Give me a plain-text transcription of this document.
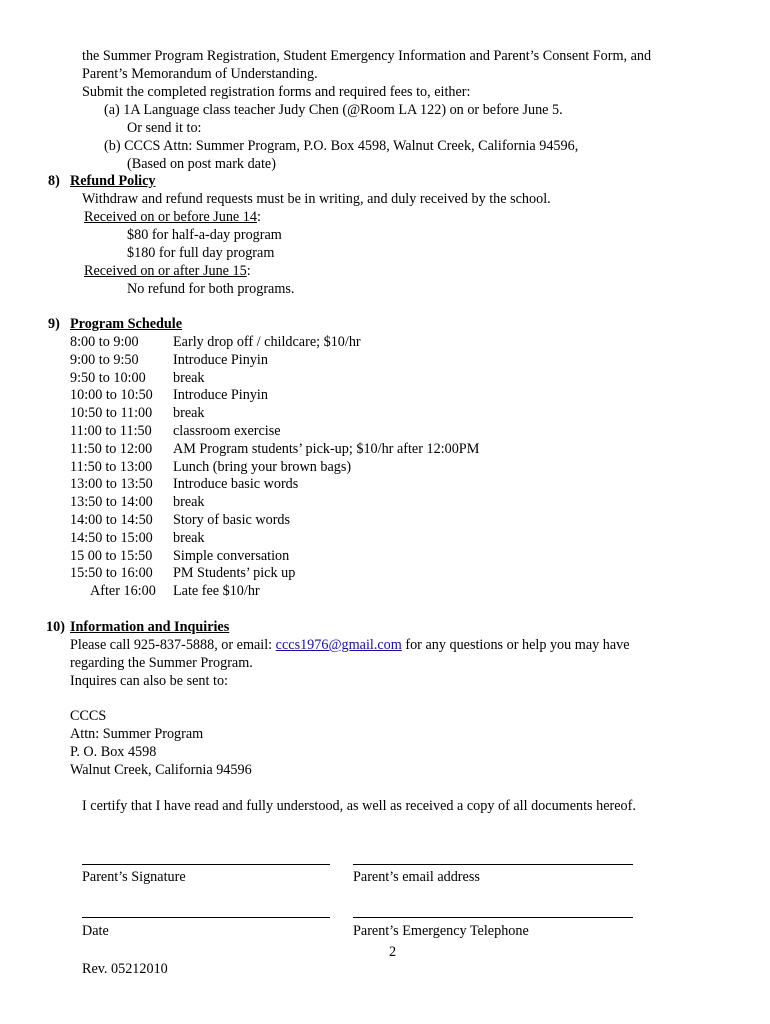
the Summer Program Registration, Student Emergency Information and Parent’s Consent Form, and
Parent’s Memorandum of Understanding.
Submit the completed registration forms and required fees to, either:
(a) 1A Language class teacher Judy Chen (@Room LA 122) on or before June 5.
Or send it to:
(b) CCCS Attn: Summer Program, P.O. Box 4598, Walnut Creek, California 94596,
(Based on post mark date)
8) Refund Policy
Withdraw and refund requests must be in writing, and duly received by the school.
Received on or before June 14:
$80 for half-a-day program
$180 for full day program
Received on or after June 15:
No refund for both programs.
9) Program Schedule
8:00 to 9:00 Early drop off / childcare; $10/hr
9:00 to 9:50 Introduce Pinyin
9:50 to 10:00 break
10:00 to 10:50 Introduce Pinyin
10:50 to 11:00 break
11:00 to 11:50 classroom exercise
11:50 to 12:00 AM Program students’ pick-up; $10/hr after 12:00PM
11:50 to 13:00 Lunch (bring your brown bags)
13:00 to 13:50 Introduce basic words
13:50 to 14:00 break
14:00 to 14:50 Story of basic words
14:50 to 15:00 break
15 00 to 15:50 Simple conversation
15:50 to 16:00 PM Students’ pick up
After 16:00 Late fee $10/hr
10) Information and Inquiries
Please call 925-837-5888, or email: cccs1976@gmail.com for any questions or help you may have
regarding the Summer Program.
Inquires can also be sent to:
CCCS
Attn: Summer Program
P. O. Box 4598
Walnut Creek, California 94596
I certify that I have read and fully understood, as well as received a copy of all documents hereof.
Parent’s Signature	Parent’s email address
Date	Parent’s Emergency Telephone
2
Rev. 05212010
